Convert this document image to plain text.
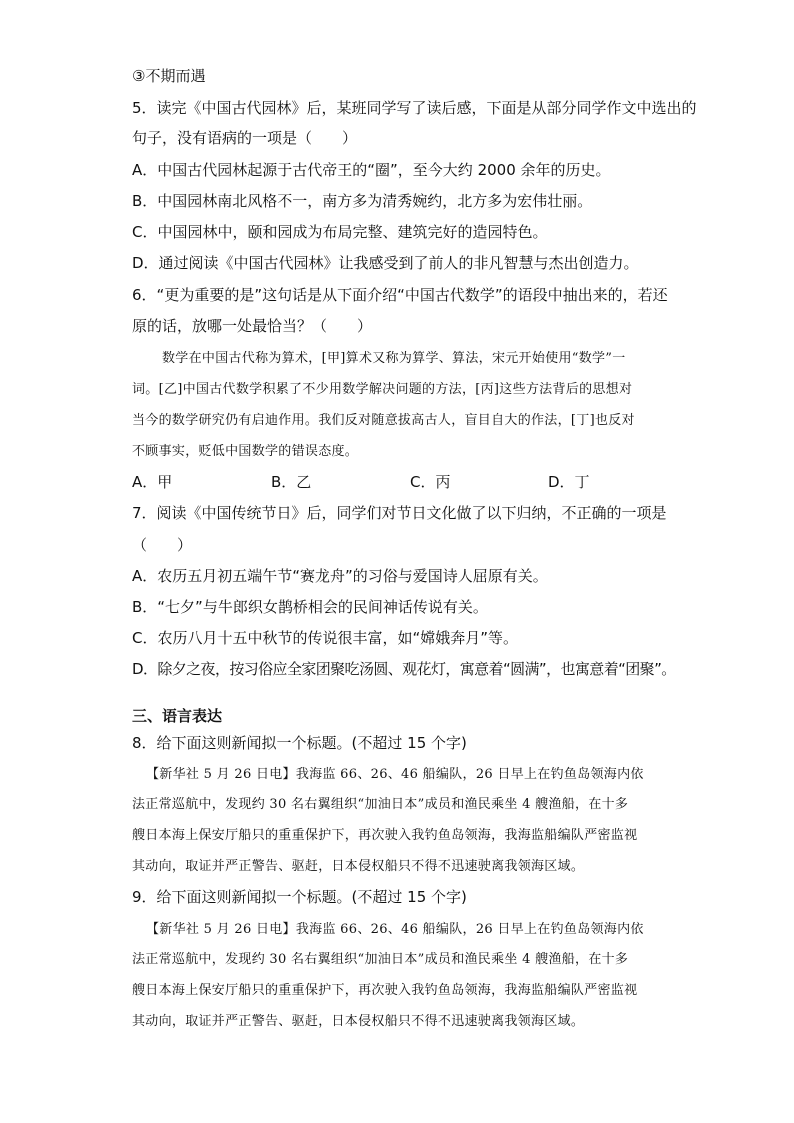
③不期而遇
5．读完《中国古代园林》后，某班同学写了读后感，下面是从部分同学作文中选出的
句子，没有语病的一项是（　　）
A．中国古代园林起源于古代帝王的“圈”，至今大约 2000 余年的历史。
B．中国园林南北风格不一，南方多为清秀婉约，北方多为宏伟壮丽。
C．中国园林中，颐和园成为布局完整、建筑完好的造园特色。
D．通过阅读《中国古代园林》让我感受到了前人的非凡智慧与杰出创造力。
6．“更为重要的是”这句话是从下面介绍“中国古代数学”的语段中抽出来的，若还
原的话，放哪一处最恰当？（　　）
数学在中国古代称为算术，[甲]算术又称为算学、算法，宋元开始使用“数学”一
词。[乙]中国古代数学积累了不少用数学解决问题的方法，[丙]这些方法背后的思想对
当今的数学研究仍有启迪作用。我们反对随意拔高古人，盲目自大的作法，[丁]也反对
不顾事实，贬低中国数学的错误态度。
A．甲	B．乙	C．丙	D．丁
7．阅读《中国传统节日》后，同学们对节日文化做了以下归纳，不正确的一项是
（　　）
A．农历五月初五端午节“赛龙舟”的习俗与爱国诗人屈原有关。
B．“七夕”与牛郎织女鹊桥相会的民间神话传说有关。
C．农历八月十五中秋节的传说很丰富，如“嫦娥奔月”等。
D．除夕之夜，按习俗应全家团聚吃汤圆、观花灯，寓意着“圆满”，也寓意着“团聚”。
三、语言表达
8．给下面这则新闻拟一个标题。(不超过 15 个字)
【新华社 5 月 26 日电】我海监 66、26、46 船编队，26 日早上在钓鱼岛领海内依
法正常巡航中，发现约 30 名右翼组织“加油日本”成员和渔民乘坐 4 艘渔船，在十多
艘日本海上保安厅船只的重重保护下，再次驶入我钓鱼岛领海，我海监船编队严密监视
其动向，取证并严正警告、驱赶，日本侵权船只不得不迅速驶离我领海区域。
9．给下面这则新闻拟一个标题。(不超过 15 个字)
【新华社 5 月 26 日电】我海监 66、26、46 船编队，26 日早上在钓鱼岛领海内依
法正常巡航中，发现约 30 名右翼组织“加油日本”成员和渔民乘坐 4 艘渔船，在十多
艘日本海上保安厅船只的重重保护下，再次驶入我钓鱼岛领海，我海监船编队严密监视
其动向，取证并严正警告、驱赶，日本侵权船只不得不迅速驶离我领海区域。
